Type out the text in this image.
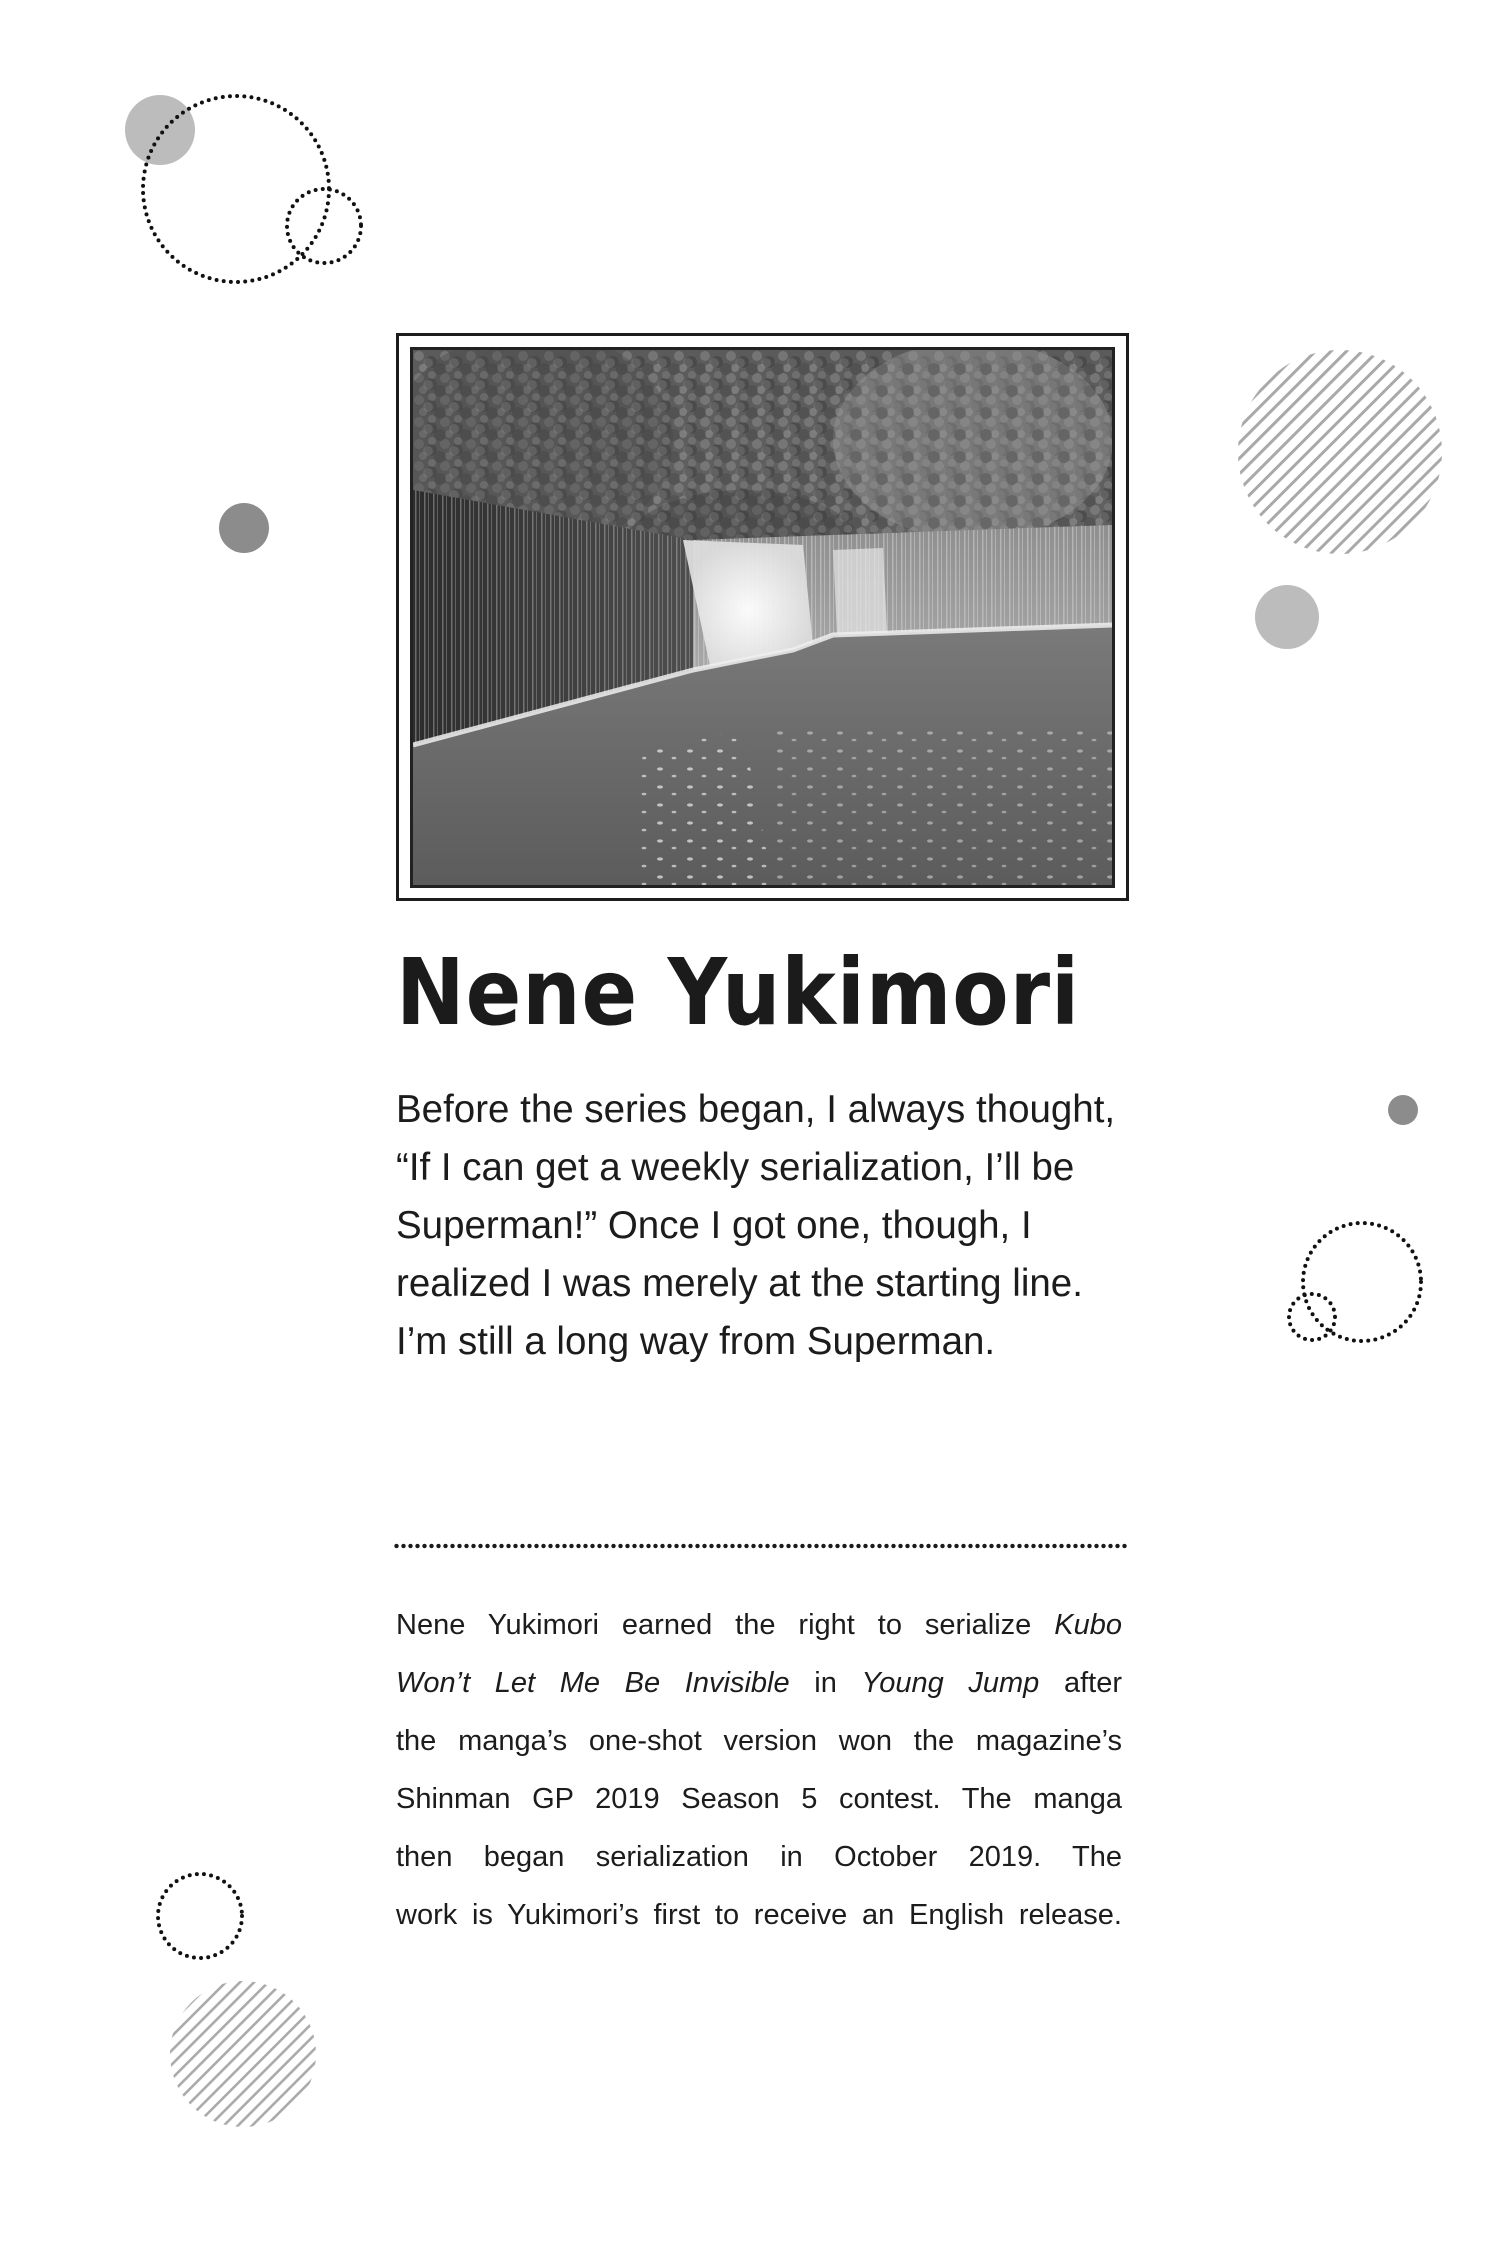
Nene Yukimori

Before the series began, I always thought,
“If I can get a weekly serialization, I’ll be
Superman!” Once I got one, though, I
realized I was merely at the starting line.
I’m still a long way from Superman.

Nene Yukimori earned the right to serialize Kubo
Won’t Let Me Be Invisible in Young Jump after
the manga’s one-shot version won the magazine’s
Shinman GP 2019 Season 5 contest. The manga
then began serialization in October 2019. The
work is Yukimori’s first to receive an English release.
